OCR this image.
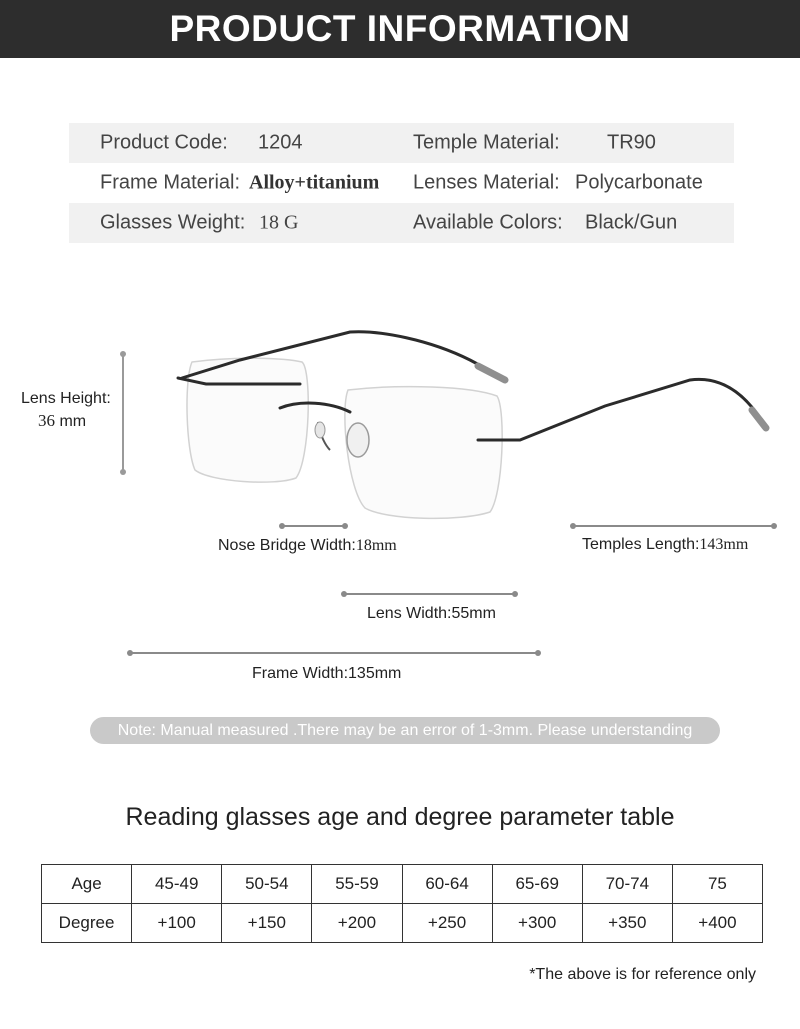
PRODUCT INFORMATION
Product Code: 1204	Temple Material: TR90
Frame Material: Alloy+titanium Lenses Material: Polycarbonate
Glasses Weight: 18 G	Available Colors: Black/Gun
Lens Height:
36 mm
Nose Bridge Width:18mm	Temples Length:143mm
Lens Width:55mm
Frame Width:135mm
Note: Manual measured .There may be an error of 1-3mm. Please understanding
Reading glasses age and degree parameter table
Age	45-49	50-54	55-59	60-64	65-69	70-74	75
Degree	+100	+150	+200	+250	+300	+350	+400
*The above is for reference only
